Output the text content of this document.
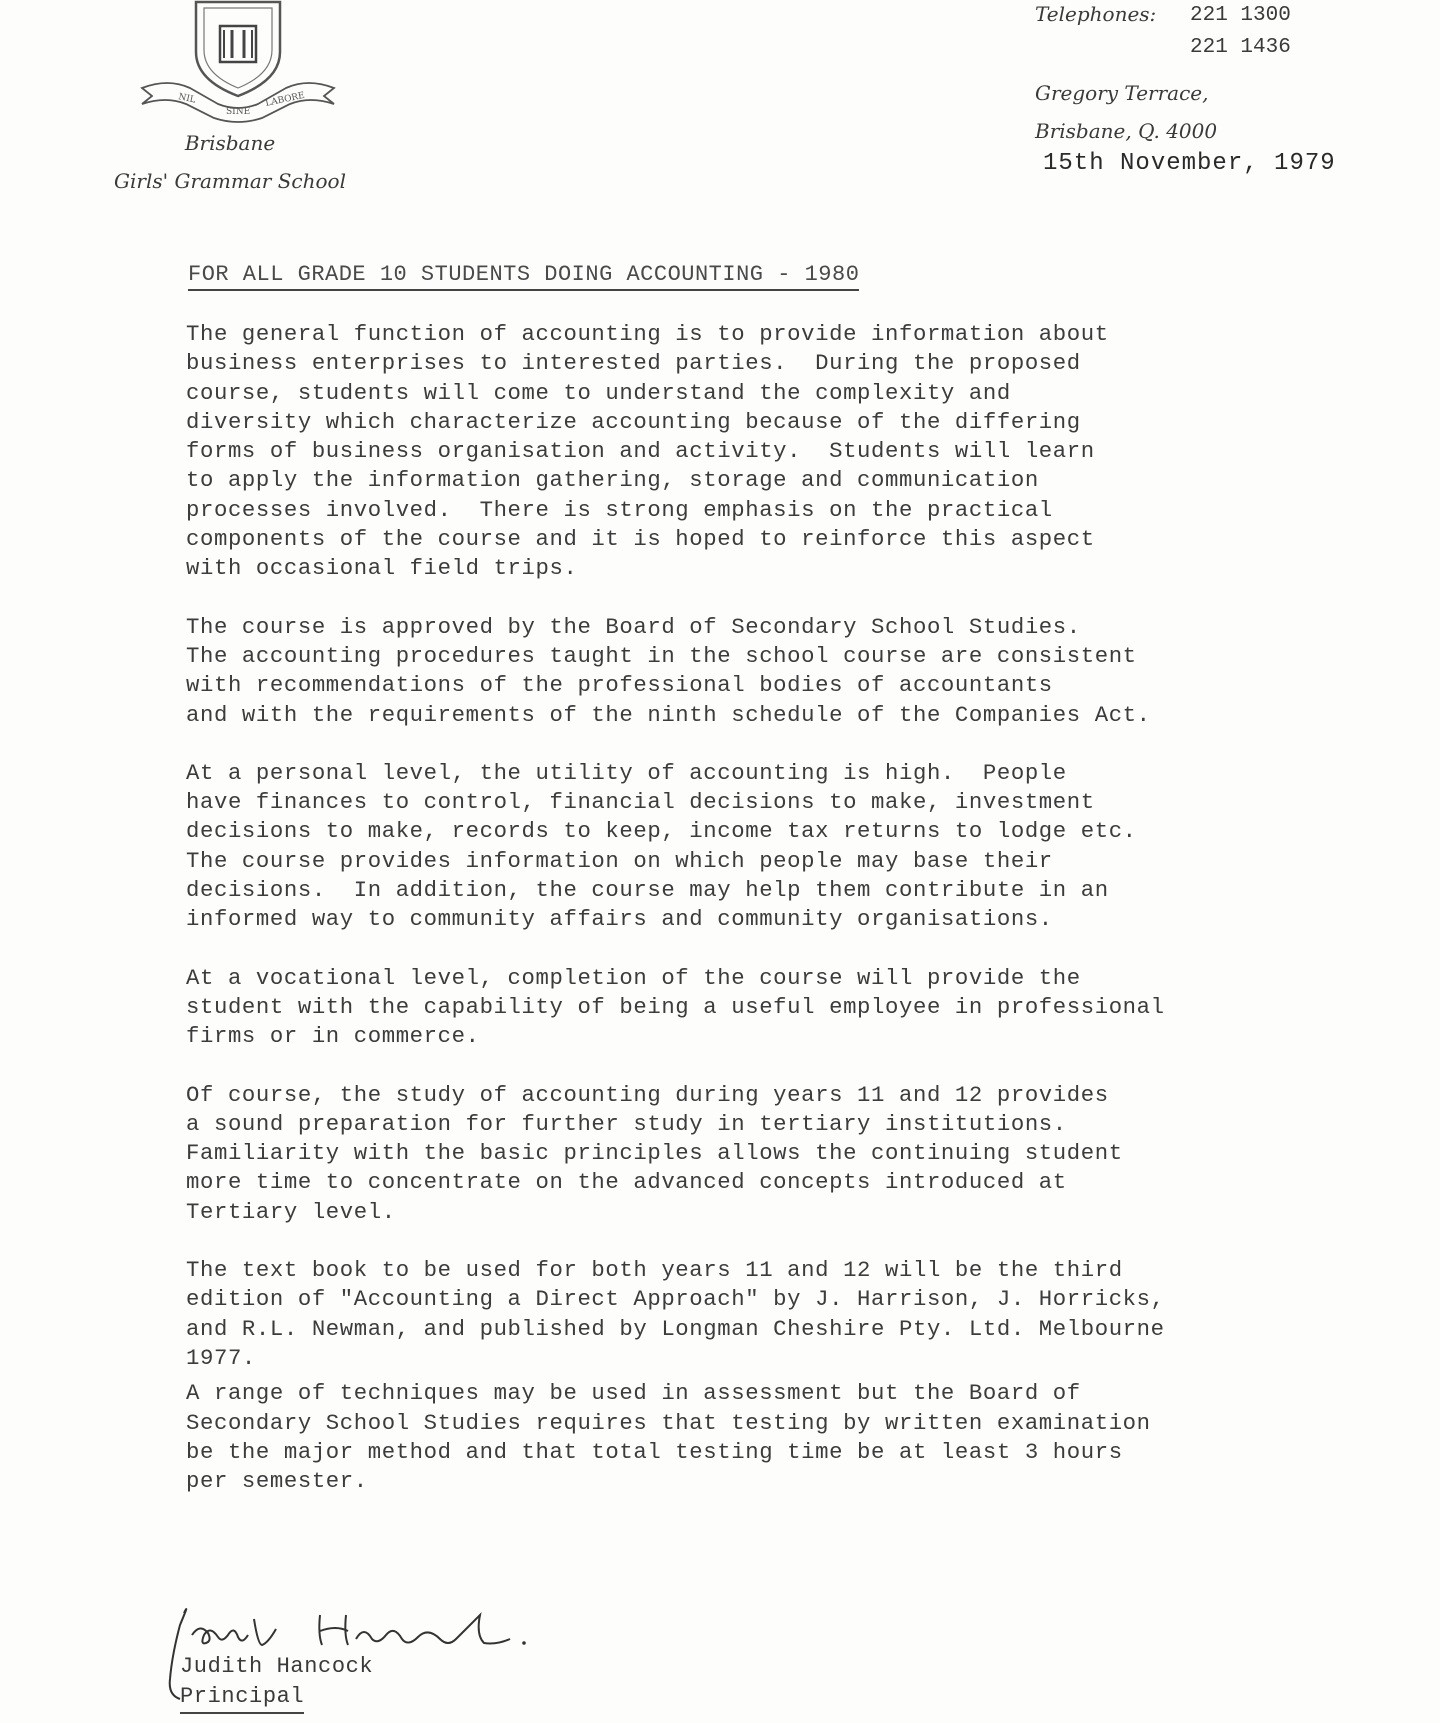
NIL
SINE
LABORE
Brisbane
Girls' Grammar School
Telephones: 221 1300
221 1436
Gregory Terrace,
Brisbane, Q. 4000
15th November, 1979
FOR ALL GRADE 10 STUDENTS DOING ACCOUNTING - 1980

The general function of accounting is to provide information about
business enterprises to interested parties.  During the proposed
course, students will come to understand the complexity and
diversity which characterize accounting because of the differing
forms of business organisation and activity.  Students will learn
to apply the information gathering, storage and communication
processes involved.  There is strong emphasis on the practical
components of the course and it is hoped to reinforce this aspect
with occasional field trips.

The course is approved by the Board of Secondary School Studies.
The accounting procedures taught in the school course are consistent
with recommendations of the professional bodies of accountants
and with the requirements of the ninth schedule of the Companies Act.

At a personal level, the utility of accounting is high.  People
have finances to control, financial decisions to make, investment
decisions to make, records to keep, income tax returns to lodge etc.
The course provides information on which people may base their
decisions.  In addition, the course may help them contribute in an
informed way to community affairs and community organisations.

At a vocational level, completion of the course will provide the
student with the capability of being a useful employee in professional
firms or in commerce.

Of course, the study of accounting during years 11 and 12 provides
a sound preparation for further study in tertiary institutions.
Familiarity with the basic principles allows the continuing student
more time to concentrate on the advanced concepts introduced at
Tertiary level.

The text book to be used for both years 11 and 12 will be the third
edition of "Accounting a Direct Approach" by J. Harrison, J. Horricks,
and R.L. Newman, and published by Longman Cheshire Pty. Ltd. Melbourne
1977.

A range of techniques may be used in assessment but the Board of
Secondary School Studies requires that testing by written examination
be the major method and that total testing time be at least 3 hours
per semester.

Judith Hancock
Principal
